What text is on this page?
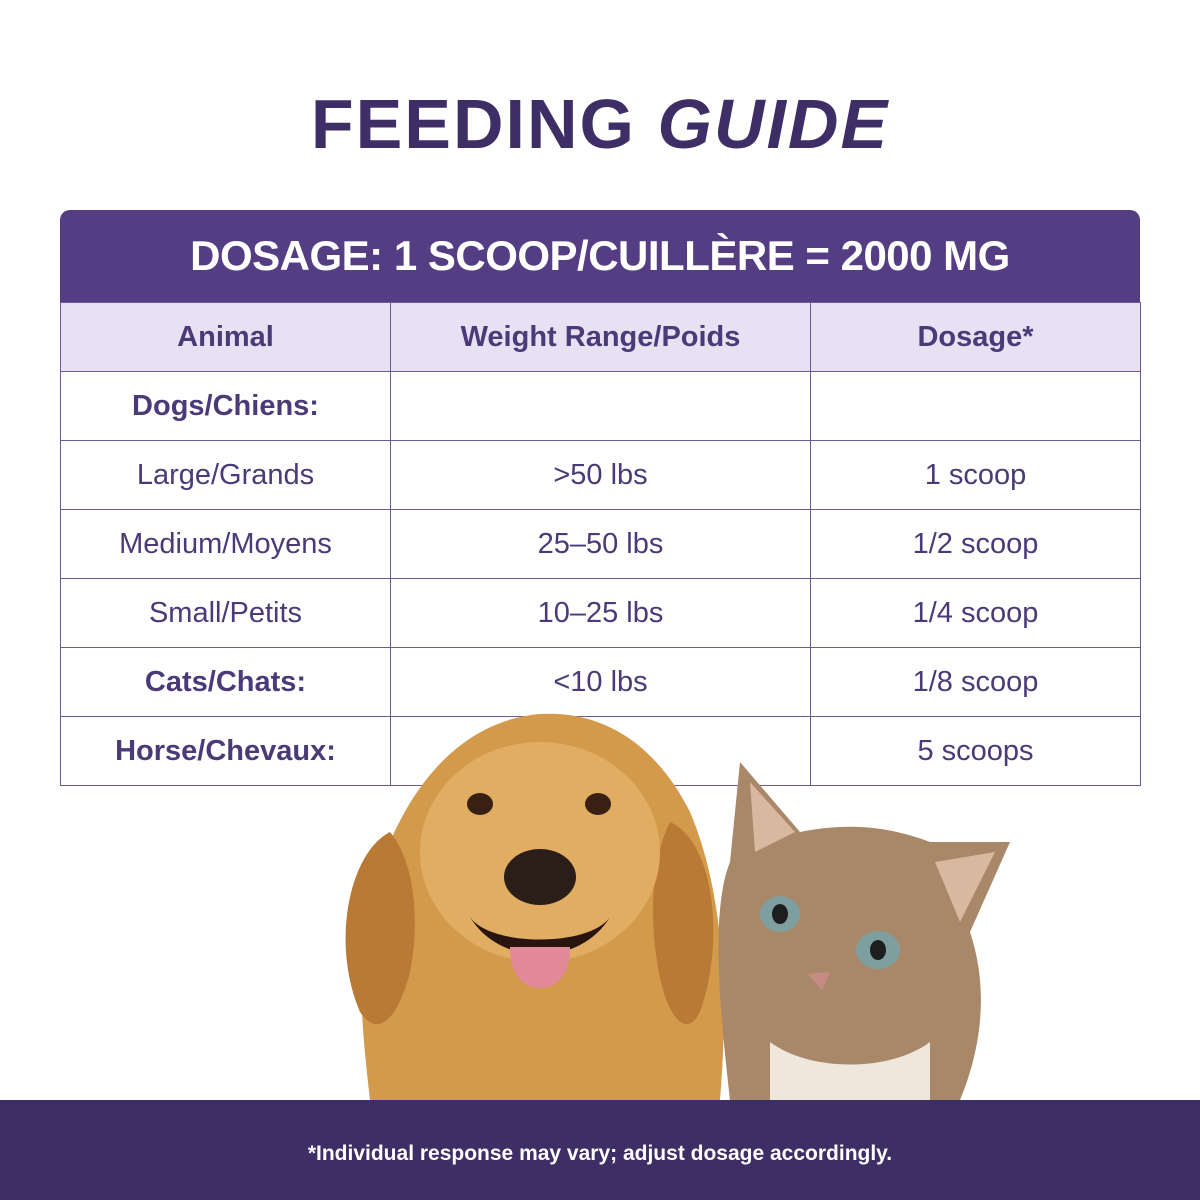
FEEDING GUIDE
DOSAGE: 1 SCOOP/CUILLÈRE = 2000 MG
Animal	Weight Range/Poids	Dosage*
Dogs/Chiens:		
Large/Grands	>50 lbs	1 scoop
Medium/Moyens	25–50 lbs	1/2 scoop
Small/Petits	10–25 lbs	1/4 scoop
Cats/Chats:	<10 lbs	1/8 scoop
Horse/Chevaux:		5 scoops
*Individual response may vary; adjust dosage accordingly.
